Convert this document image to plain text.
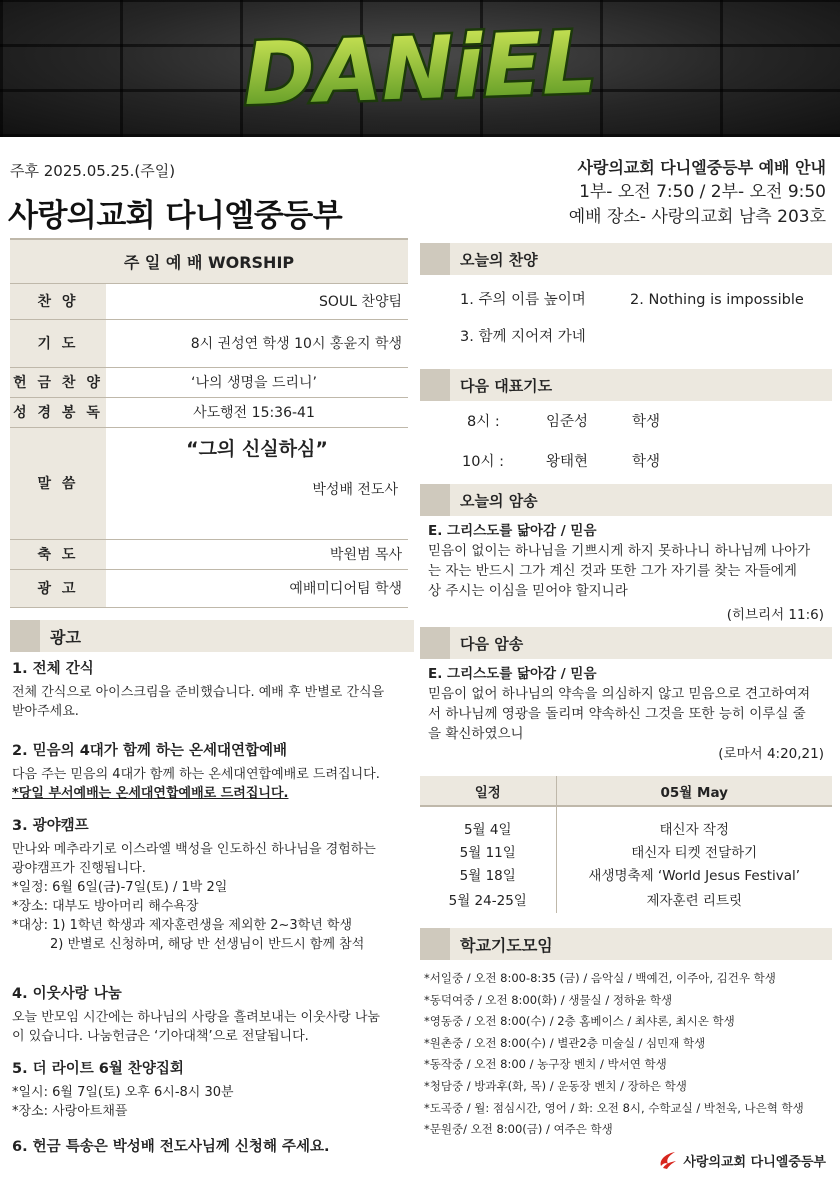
DANiEL
주후 2025.05.25.(주일)
사랑의교회 다니엘중등부
사랑의교회 다니엘중등부 예배 안내
1부- 오전 7:50 / 2부- 오전 9:50
예배 장소- 사랑의교회 남측 203호
주 일 예 배 WORSHIP	
찬 양	SOUL 찬양팀
기 도	8시 권성연 학생 10시 홍윤지 학생
헌 금 찬 양	‘나의 생명을 드리니’
성 경 봉 독	사도행전 15:36-41
말 씀	“그의 신실하심”
박성배 전도사

축 도	박원범 목사
광 고	예배미디어팀 학생
광고
1. 전체 간식
전체 간식으로 아이스크림을 준비했습니다. 예배 후 반별로 간식을
받아주세요.
2. 믿음의 4대가 함께 하는 온세대연합예배
다음 주는 믿음의 4대가 함께 하는 온세대연합예배로 드려집니다.
*당일 부서예배는 온세대연합예배로 드려집니다.
3. 광야캠프
만나와 메추라기로 이스라엘 백성을 인도하신 하나님을 경험하는
광야캠프가 진행됩니다.
*일정: 6월 6일(금)-7일(토) / 1박 2일
*장소: 대부도 방아머리 해수욕장
*대상: 1) 1학년 학생과 제자훈련생을 제외한 2~3학년 학생
2) 반별로 신청하며, 해당 반 선생님이 반드시 함께 참석
4. 이웃사랑 나눔
오늘 반모임 시간에는 하나님의 사랑을 흘려보내는 이웃사랑 나눔
이 있습니다. 나눔헌금은 ‘기아대책’으로 전달됩니다.
5. 더 라이트 6월 찬양집회
*일시: 6월 7일(토) 오후 6시-8시 30분
*장소: 사랑아트채플
6. 헌금 특송은 박성배 전도사님께 신청해 주세요.
오늘의 찬양
1. 주의 이름 높이며	2. Nothing is impossible
3. 함께 지어져 가네
다음 대표기도
8시 :	임준성	학생
10시 :	왕태현	학생
오늘의 암송
E. 그리스도를 닮아감 / 믿음
믿음이 없이는 하나님을 기쁘시게 하지 못하나니 하나님께 나아가
는 자는 반드시 그가 계신 것과 또한 그가 자기를 찾는 자들에게
상 주시는 이심을 믿어야 할지니라
(히브리서 11:6)
다음 암송
E. 그리스도를 닮아감 / 믿음
믿음이 없어 하나님의 약속을 의심하지 않고 믿음으로 견고하여져
서 하나님께 영광을 돌리며 약속하신 그것을 또한 능히 이루실 줄
을 확신하였으니
(로마서 4:20,21)
일정	05월 May
5월 4일	태신자 작정
5월 11일	태신자 티켓 전달하기
5월 18일	새생명축제 ‘World Jesus Festival’
5월 24-25일	제자훈련 리트릿
학교기도모임
*서일중 / 오전 8:00-8:35 (금) / 음악실 / 백예건, 이주아, 김건우 학생
*동덕여중 / 오전 8:00(화) / 생물실 / 정하윤 학생
*영동중 / 오전 8:00(수) / 2층 홈베이스 / 최샤론, 최시온 학생
*원촌중 / 오전 8:00(수) / 별관2층 미술실 / 심민재 학생
*동작중 / 오전 8:00 / 농구장 벤치 / 박서연 학생
*청담중 / 방과후(화, 목) / 운동장 벤치 / 장하은 학생
*도곡중 / 월: 점심시간, 영어 / 화: 오전 8시, 수학교실 / 박천욱, 나은혁 학생
*문원중/ 오전 8:00(금) / 여주은 학생
사랑의교회 다니엘중등부
